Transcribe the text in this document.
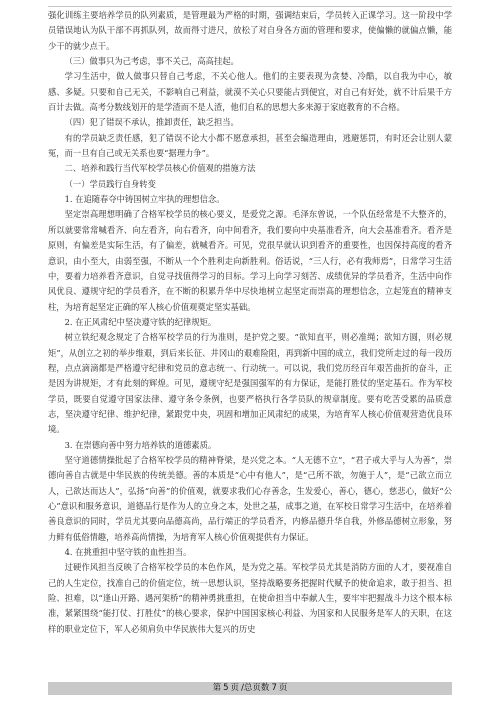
强化训练主要培养学员的队列素质，是管理最为严格的时期，强调结束后，学员转入正课学习。这一阶段中学员错误地认为队干部不再抓队列，故而得寸进尺，放松了对自身各方面的管理和要求，使偏懒的就偏点懒，能少干的就少点干。

（三）做事只为己考虑，事不关己，高高挂起。

学习生活中，做人做事只替自己考虑，不关心他人。他们的主要表现为贪婪、冷酷，以自我为中心，敏感、多疑。只要和自己无关，不影响自己利益，就漠不关心只要能占到便宜，对自己有好处，就不计后果千方百计去做。高考分数线划开的是学渣而不是人渣，他们自私的思想大多来源于家庭教育的不合格。

（四）犯了错误不承认，推卸责任，缺乏担当。

有的学员缺乏责任感，犯了错误不论大小都不愿意承担，甚至会编造理由，逃避惩罚，有时还会让别人蒙冤，而一旦有自己或无关系也要“据理力争”。

二、培养和践行当代军校学员核心价值观的措施方法

（一）学员践行自身转变

1. 在追随春夺中铸国树立牢执的理想信念。

坚定崇高理想明确了合格军校学员的核心要义，是爱党之源。毛泽东曾说，一个队伍经常是不大整齐的，所以就要常常喊看齐、向左看齐，向右看齐，向中间看齐，我们要向中央基准看齐，向大会基准看齐。看齐是原则，有偏差是实际生活，有了偏差，就喊看齐。可见，党很早就认识到看齐的重要性，也因保持高度的看齐意识，由小至大，由弱至强，不断从一个个胜利走向新胜利。俗话说，“三人行，必有我师焉”，日常学习生活中，要着力培养看齐意识，自觉寻找值得学习的目标。学习上向学习刻苦、成绩优异的学员看齐，生活中向作风优良、遵规守纪的学员看齐，在不断的积累升华中尽快地树立起坚定而崇高的理想信念，立起笼直的精神支柱，为培育起坚定正确的军人核心价值观奠定坚实基础。

2. 在正风肃纪中坚决遵守铁的纪律规矩。

树立铁纪观念规定了合格军校学员的行为准则，是护党之要。“欲知直平，则必准绳；欲知方圆，则必规矩”，从创立之初的举步维艰，到后来长征、井冈山的艰难险阻，再到新中国的成立，我们党所走过的每一段历程，点点滴滴都是严格遵守纪律和党员的意志统一、行动统一。可以说，我们党历经百年艰苦曲折的奋斗，正是因为讲规矩，才有此刻的辉煌。可见，遵规守纪是强国强军的有力保证，是能打胜仗的坚定基石。作为军校学员，既要自觉遵守国家法律、遵守条令条例，也要严格执行各学员队的规章制度。要有吃苦受累的品质意志，坚决遵守纪律、维护纪律，紧跟党中央，巩固和增加正风肃纪的成果，为培育军人核心价值观营造优良环境。

3. 在崇德向善中努力培养铁的道德素质。

坚守道德情操批起了合格军校学员的精神脊梁，是兴党之本。“人无德不立”，“君子戒大乎与人为善”，崇德向善自古就是中华民族的传统美德。善的本质是“心中有他人”，是“己所不欲，勿施于人”，是“己欲立而立人，己欲达而达人”，弘扬“向善”的价值观，就要求我们心存善念，生发爱心，善心，德心，慈悲心，做好“公心”意识和服务意识，道德品行是作为人的立身之本，处世之基，成事之道，在军校日常学习生活中，在培养着善良意识的同时，学员尤其要向品德高尚，品行端正的学员看齐，内修品德升华自我，外修品德树立形象，努力鲜有低俗情趣，培养高尚情操，为培育军人核心价值观提供有力保证。

4. 在挑重担中坚守铁的血性担当。

过硬作风担当反映了合格军校学员的本色作风，是为党之基。军校学员尤其是消防方面的人才，要视准自己的人生定位，找准自己的价值定位，统一思想认识，坚持战略要务把握时代赋予的使命追求，敢于担当、担险、担难，以“逢山开路、遇河架桥”的精神勇挑重担，在使命担当中奉献人生，要牢牢把握战斗力这个根本标准，紧紧围绕“能打仗、打胜仗”的核心要求，保护中国国家核心利益、为国家和人民服务是军人的天职，在这样的职业定位下，军人必须肩负中华民族伟大复兴的历史

第 5 页 /总页数 7 页
